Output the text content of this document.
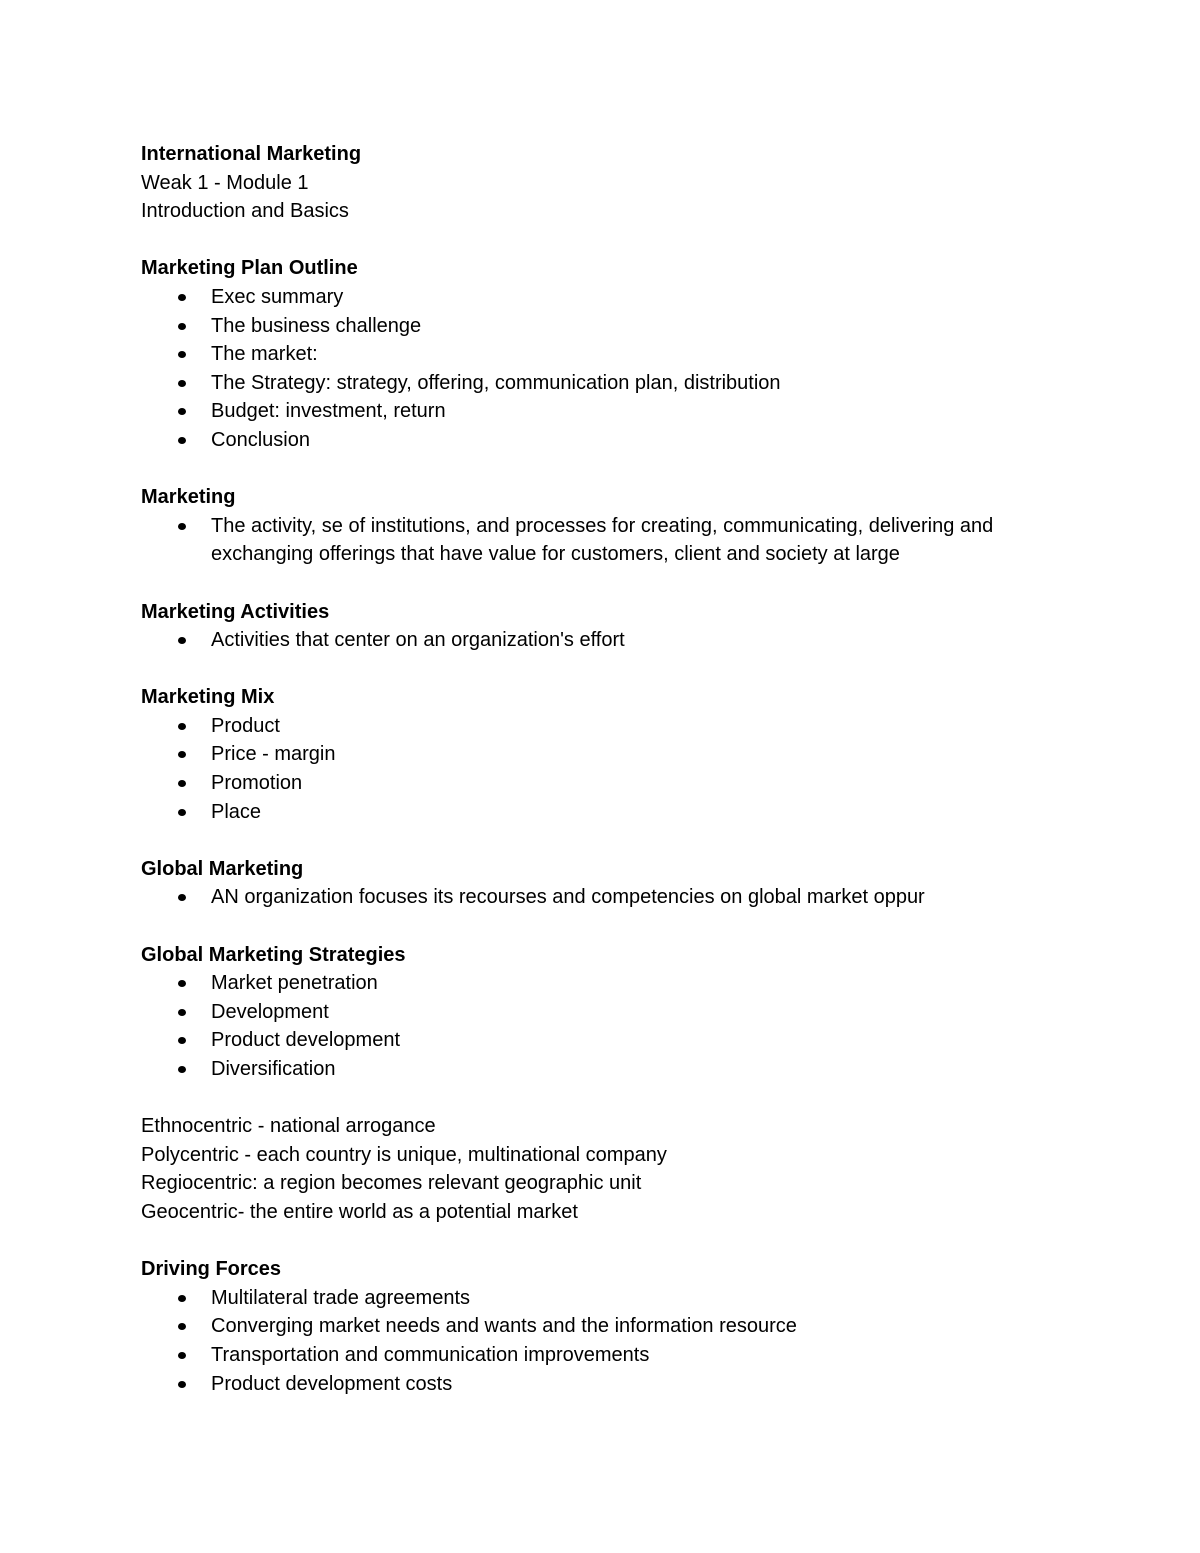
International Marketing
Weak 1 - Module 1
Introduction and Basics
Marketing Plan Outline
Exec summary
The business challenge
The market:
The Strategy: strategy, offering, communication plan, distribution
Budget: investment, return
Conclusion
Marketing
The activity, se of institutions, and processes for creating, communicating, delivering and exchanging offerings that have value for customers, client and society at large
Marketing Activities
Activities that center on an organization's effort
Marketing Mix
Product
Price - margin
Promotion
Place
Global Marketing
AN organization focuses its recourses and competencies on global market oppur
Global Marketing Strategies
Market penetration
Development
Product development
Diversification
Ethnocentric - national arrogance
Polycentric - each country is unique, multinational company
Regiocentric: a region becomes relevant geographic unit
Geocentric- the entire world as a potential market
Driving Forces
Multilateral trade agreements
Converging market needs and wants and the information resource
Transportation and communication improvements
Product development costs
